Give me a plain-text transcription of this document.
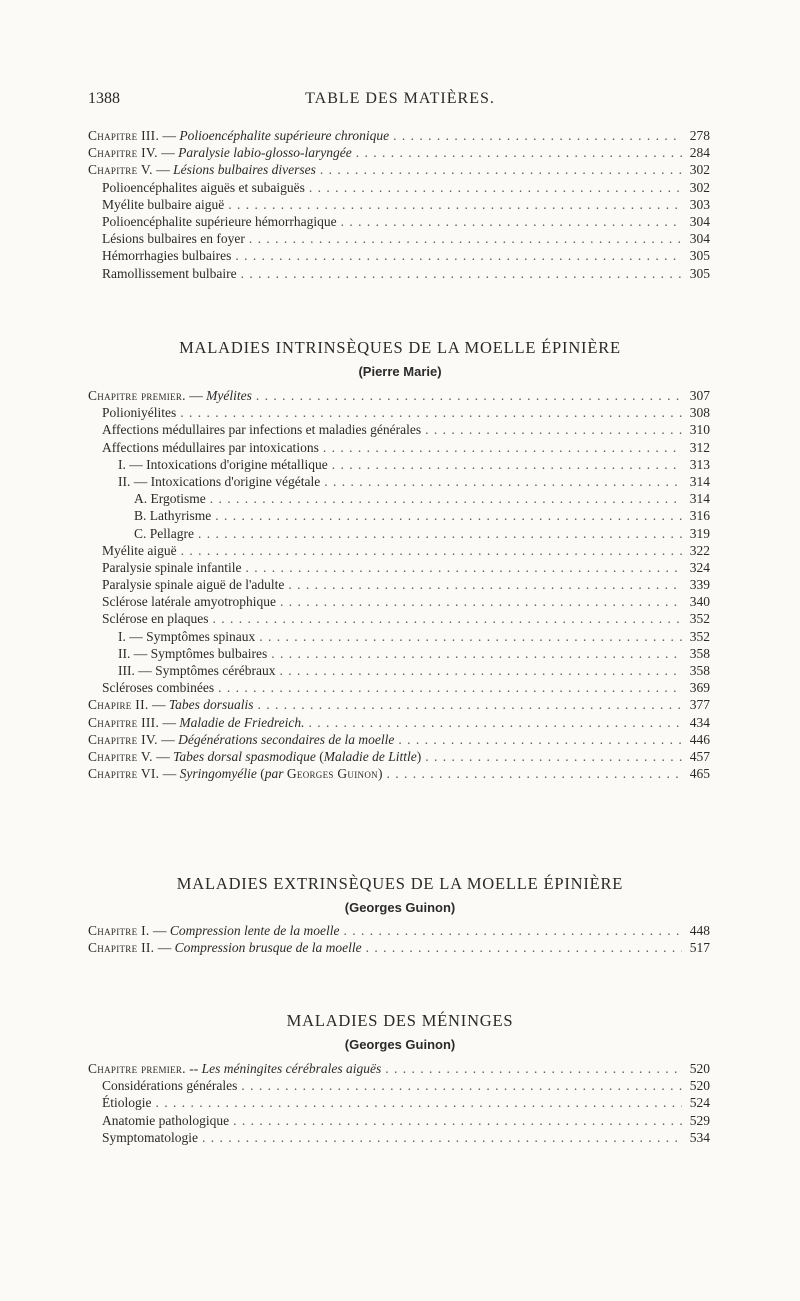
1388	TABLE DES MATIÈRES.
Chapitre III. — Polioencéphalite supérieure chronique . . .	278
Chapitre IV. — Paralysie labio-glosso-laryngée . . .	284
Chapitre V. — Lésions bulbaires diverses . . .	302
Polioencéphalites aiguës et subaiguës . . .	302
Myélite bulbaire aiguë . . .	303
Polioencéphalite supérieure hémorrhagique . . .	304
Lésions bulbaires en foyer . . .	304
Hémorrhagies bulbaires . . .	305
Ramollissement bulbaire . . .	305
MALADIES INTRINSÈQUES DE LA MOELLE ÉPINIÈRE
(Pierre Marie)
Chapitre premier. — Myélites . . .	307
Polioniyélites . . .	308
Affections médullaires par infections et maladies générales . . .	310
Affections médullaires par intoxications . . .	312
I. — Intoxications d'origine métallique . . .	313
II. — Intoxications d'origine végétale . . .	314
A. Ergotisme . . .	314
B. Lathyrisme . . .	316
C. Pellagre . . .	319
Myélite aiguë . . .	322
Paralysie spinale infantile . . .	324
Paralysie spinale aiguë de l'adulte . . .	339
Sclérose latérale amyotrophique . . .	340
Sclérose en plaques . . .	352
I. — Symptômes spinaux . . .	352
II. — Symptômes bulbaires . . .	358
III. — Symptômes cérébraux . . .	358
Scléroses combinées . . .	369
Chapire II. — Tabes dorsualis . . .	377
Chapitre III. — Maladie de Friedreich. . . .	434
Chapitre IV. — Dégénérations secondaires de la moelle . . .	446
Chapitre V. — Tabes dorsal spasmodique (Maladie de Little) . . .	457
Chapitre VI. — Syringomyélie (par Georges Guinon) . . .	465
MALADIES EXTRINSÈQUES DE LA MOELLE ÉPINIÈRE
(Georges Guinon)
Chapitre I. — Compression lente de la moelle . . .	448
Chapitre II. — Compression brusque de la moelle . . .	517
MALADIES DES MÉNINGES
(Georges Guinon)
Chapitre premier. -- Les méningites cérébrales aiguës . . .	520
Considérations générales . . .	520
Étiologie . . .	524
Anatomie pathologique . . .	529
Symptomatologie . . .	534
